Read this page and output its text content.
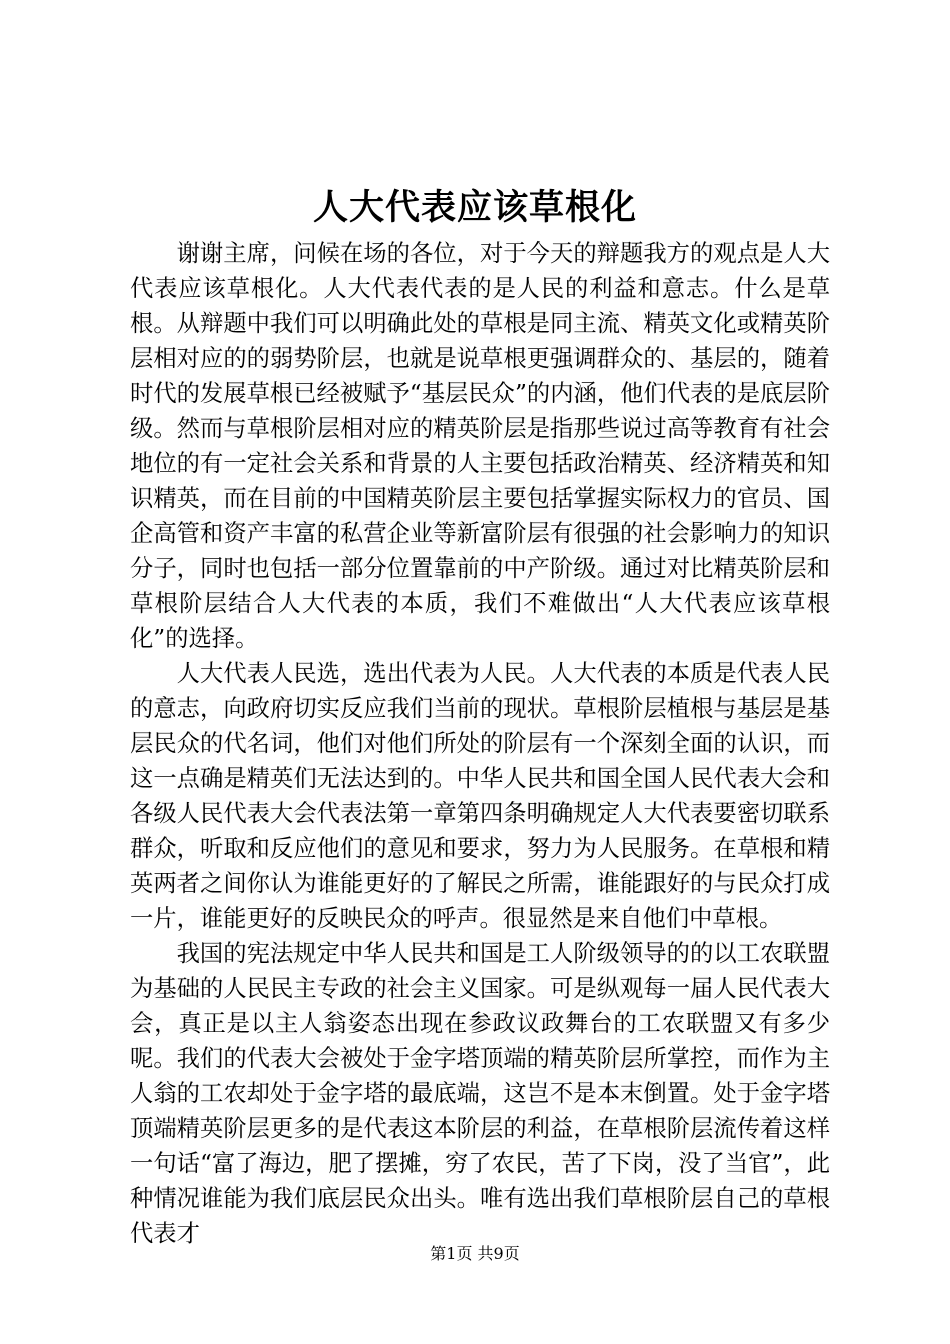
人大代表应该草根化

谢谢主席，问候在场的各位，对于今天的辩题我方的观点是人大代表应该草根化。人大代表代表的是人民的利益和意志。什么是草根。从辩题中我们可以明确此处的草根是同主流、精英文化或精英阶层相对应的的弱势阶层，也就是说草根更强调群众的、基层的，随着时代的发展草根已经被赋予“基层民众”的内涵，他们代表的是底层阶级。然而与草根阶层相对应的精英阶层是指那些说过高等教育有社会地位的有一定社会关系和背景的人主要包括政治精英、经济精英和知识精英，而在目前的中国精英阶层主要包括掌握实际权力的官员、国企高管和资产丰富的私营企业等新富阶层有很强的社会影响力的知识分子，同时也包括一部分位置靠前的中产阶级。通过对比精英阶层和草根阶层结合人大代表的本质，我们不难做出“人大代表应该草根化”的选择。

人大代表人民选，选出代表为人民。人大代表的本质是代表人民的意志，向政府切实反应我们当前的现状。草根阶层植根与基层是基层民众的代名词，他们对他们所处的阶层有一个深刻全面的认识，而这一点确是精英们无法达到的。中华人民共和国全国人民代表大会和各级人民代表大会代表法第一章第四条明确规定人大代表要密切联系群众，听取和反应他们的意见和要求，努力为人民服务。在草根和精英两者之间你认为谁能更好的了解民之所需，谁能跟好的与民众打成一片，谁能更好的反映民众的呼声。很显然是来自他们中草根。

我国的宪法规定中华人民共和国是工人阶级领导的的以工农联盟为基础的人民民主专政的社会主义国家。可是纵观每一届人民代表大会，真正是以主人翁姿态出现在参政议政舞台的工农联盟又有多少呢。我们的代表大会被处于金字塔顶端的精英阶层所掌控，而作为主人翁的工农却处于金字塔的最底端，这岂不是本末倒置。处于金字塔顶端精英阶层更多的是代表这本阶层的利益，在草根阶层流传着这样一句话“富了海边，肥了摆摊，穷了农民，苦了下岗，没了当官”，此种情况谁能为我们底层民众出头。唯有选出我们草根阶层自己的草根代表才

第1页 共9页
